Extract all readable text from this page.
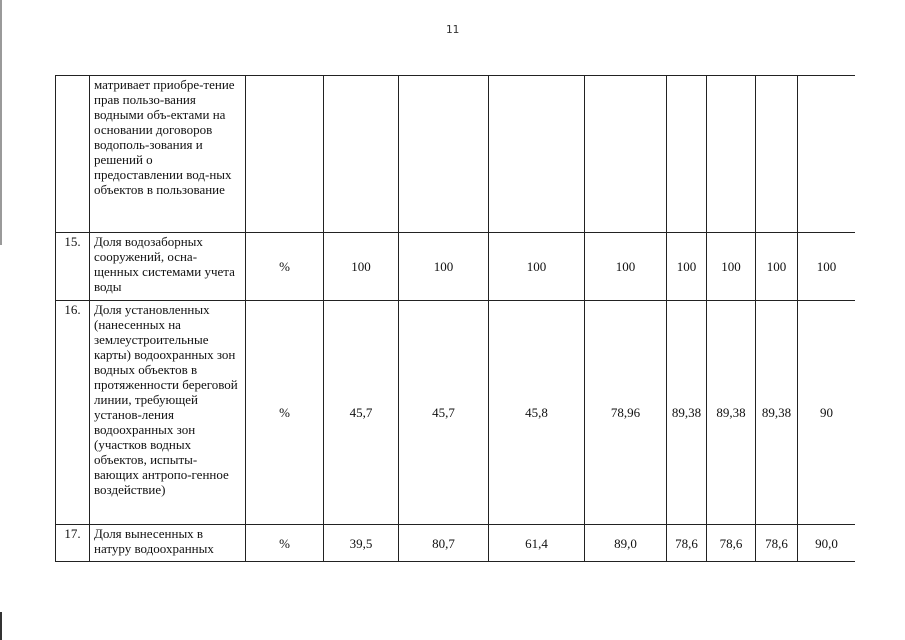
11
	матривает приобре-тение прав пользо-вания водными объ-ектами на основании договоров водополь-зования и решений о предоставлении вод-ных объектов в пользование									
15.	Доля водозаборных сооружений, осна-щенных системами учета воды	%	100	100	100	100	100	100	100	100
16.	Доля установленных (нанесенных на землеустроительные карты) водоохранных зон водных объектов в протяженности береговой линии, требующей установ-ления водоохранных зон (участков водных объектов, испыты-вающих антропо-генное воздействие)	%	45,7	45,7	45,8	78,96	89,38	89,38	89,38	90
17.	Доля вынесенных в натуру водоохранных	%	39,5	80,7	61,4	89,0	78,6	78,6	78,6	90,0
